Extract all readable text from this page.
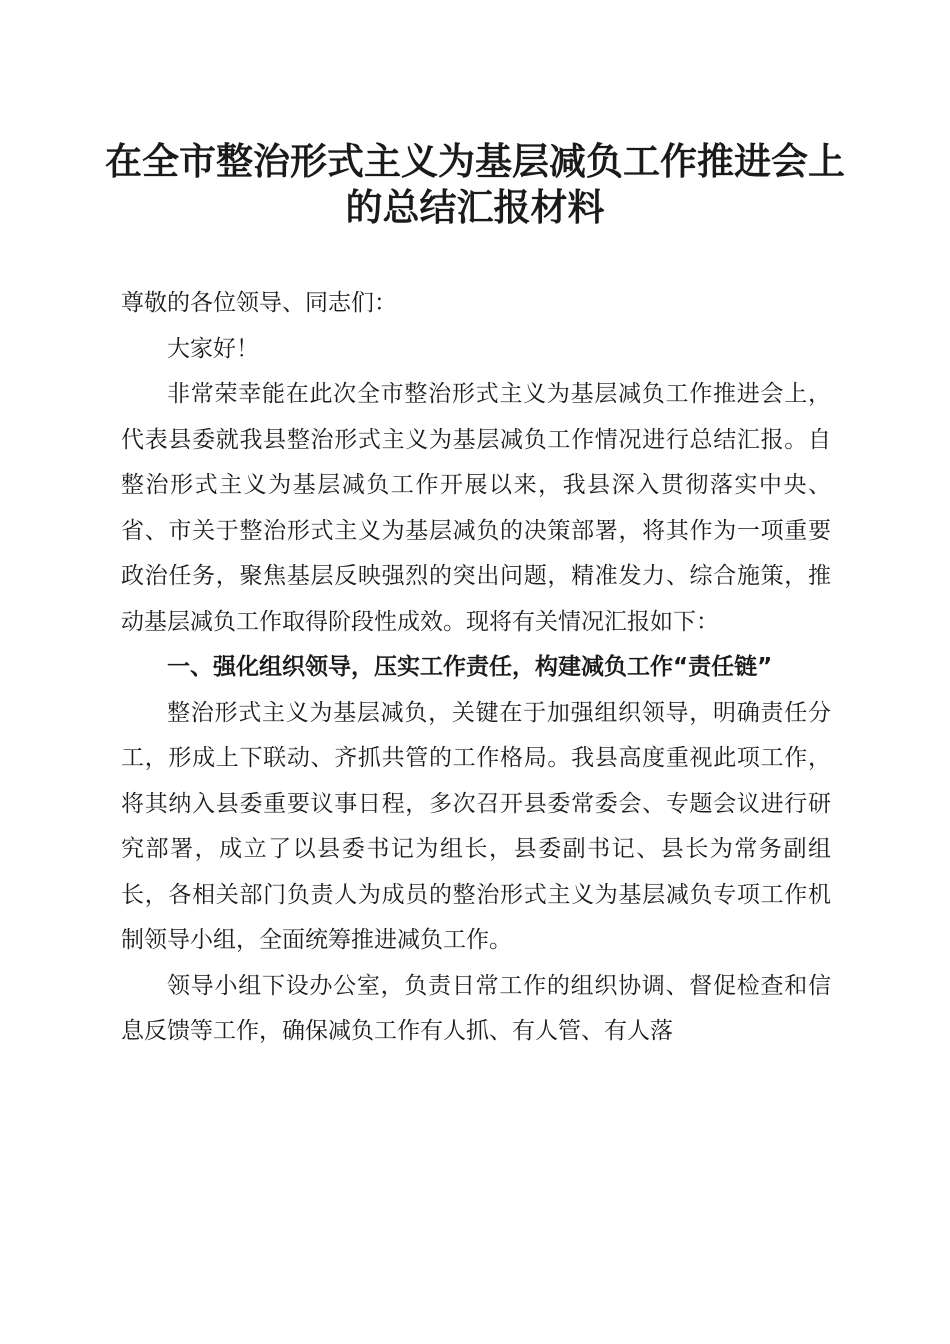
在全市整治形式主义为基层减负工作推进会上
的总结汇报材料

尊敬的各位领导、同志们：

大家好！

非常荣幸能在此次全市整治形式主义为基层减负工作推进会上，代表县委就我县整治形式主义为基层减负工作情况进行总结汇报。自整治形式主义为基层减负工作开展以来，我县深入贯彻落实中央、省、市关于整治形式主义为基层减负的决策部署，将其作为一项重要政治任务，聚焦基层反映强烈的突出问题，精准发力、综合施策，推动基层减负工作取得阶段性成效。现将有关情况汇报如下：

一、强化组织领导，压实工作责任，构建减负工作“责任链”

整治形式主义为基层减负，关键在于加强组织领导，明确责任分工，形成上下联动、齐抓共管的工作格局。我县高度重视此项工作，将其纳入县委重要议事日程，多次召开县委常委会、专题会议进行研究部署，成立了以县委书记为组长，县委副书记、县长为常务副组长，各相关部门负责人为成员的整治形式主义为基层减负专项工作机制领导小组，全面统筹推进减负工作。

领导小组下设办公室，负责日常工作的组织协调、督促检查和信息反馈等工作，确保减负工作有人抓、有人管、有人落
